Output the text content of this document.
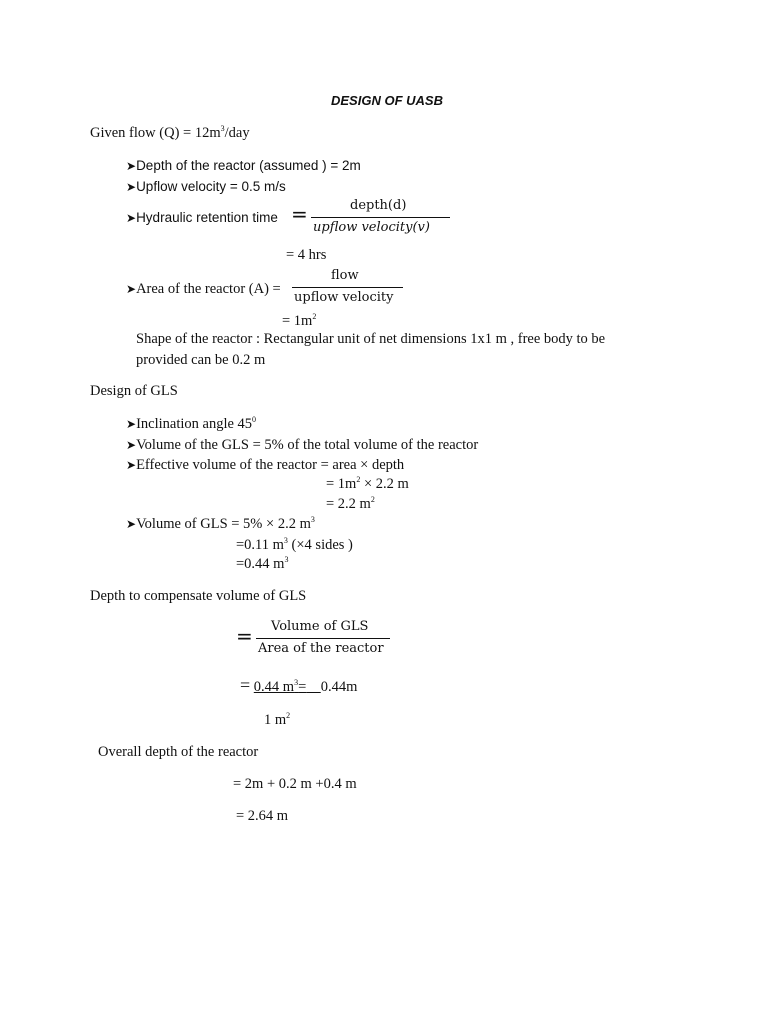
DESIGN OF UASB
Given flow $(Q) = 12m^3$/day
➤Depth of the reactor (assumed ) = 2m
➤Upflow velocity = 0.5 m/s
➤Hydraulic retention time =	depth(d)
upflow velocity(v)
= 4 hrs
➤Area of the reactor (A) =
flow
upflow velocity
= $1m^2$
Shape of the reactor : Rectangular unit of net dimensions 1x1 m , free body to be
provided can be 0.2 m
Design of GLS
➤Inclination angle $45^0$
➤Volume of the GLS = 5% of the total volume of the reactor
➤Effective volume of the reactor = area × depth
= $1m^2 \times 2.2$ m
= 2.2 $m^2$
➤Volume of GLS = 5% × 2.2 $m^3$
=0.11 $m^3$ (×4 sides )
=0.44 $m^3$
Depth to compensate volume of GLS
= Volume of GLS
Area of the reactor
= 0.44 $m^3= 0.44m$
1 $m^2$
Overall depth of the reactor
= 2m + 0.2 m +0.4 m
= 2.64 m
